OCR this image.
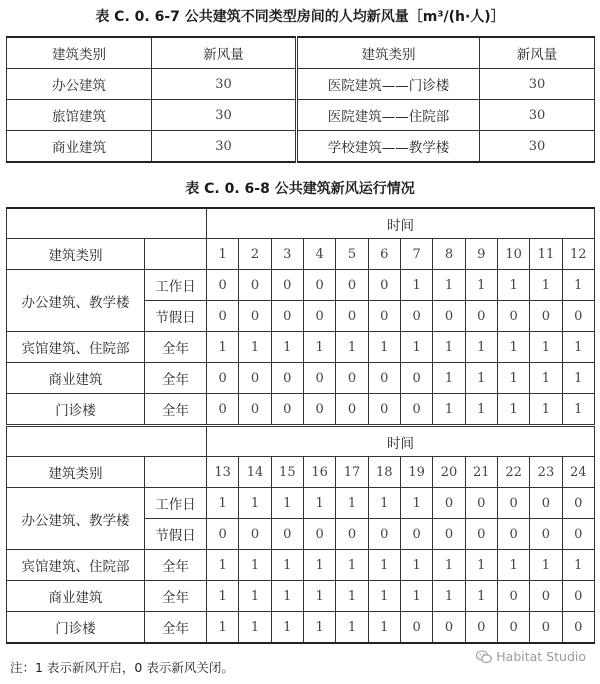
表 C. 0. 6-7 公共建筑不同类型房间的人均新风量［m³/(h·人)］
建筑类别	新风量	建筑类别	新风量
办公建筑	30	医院建筑——门诊楼	30
旅馆建筑	30	医院建筑——住院部	30
商业建筑	30	学校建筑——教学楼	30
表 C. 0. 6-8 公共建筑新风运行情况
		时间											
建筑类别		1	2	3	4	5	6	7	8	9	10	11	12
办公建筑、教学楼	工作日	0	0	0	0	0	0	1	1	1	1	1	1
	节假日	0	0	0	0	0	0	0	0	0	0	0	0
宾馆建筑、住院部	全年	1	1	1	1	1	1	1	1	1	1	1	1
商业建筑	全年	0	0	0	0	0	0	0	1	1	1	1	1
门诊楼	全年	0	0	0	0	0	0	0	1	1	1	1	1
		时间											
建筑类别		13	14	15	16	17	18	19	20	21	22	23	24
办公建筑、教学楼	工作日	1	1	1	1	1	1	1	0	0	0	0	0
	节假日	0	0	0	0	0	0	0	0	0	0	0	0
宾馆建筑、住院部	全年	1	1	1	1	1	1	1	1	1	1	1	1
商业建筑	全年	1	1	1	1	1	1	1	1	1	0	0	0
门诊楼	全年	1	1	1	1	1	1	0	0	0	0	0	0
注：1 表示新风开启，0 表示新风关闭。
Habitat Studio
